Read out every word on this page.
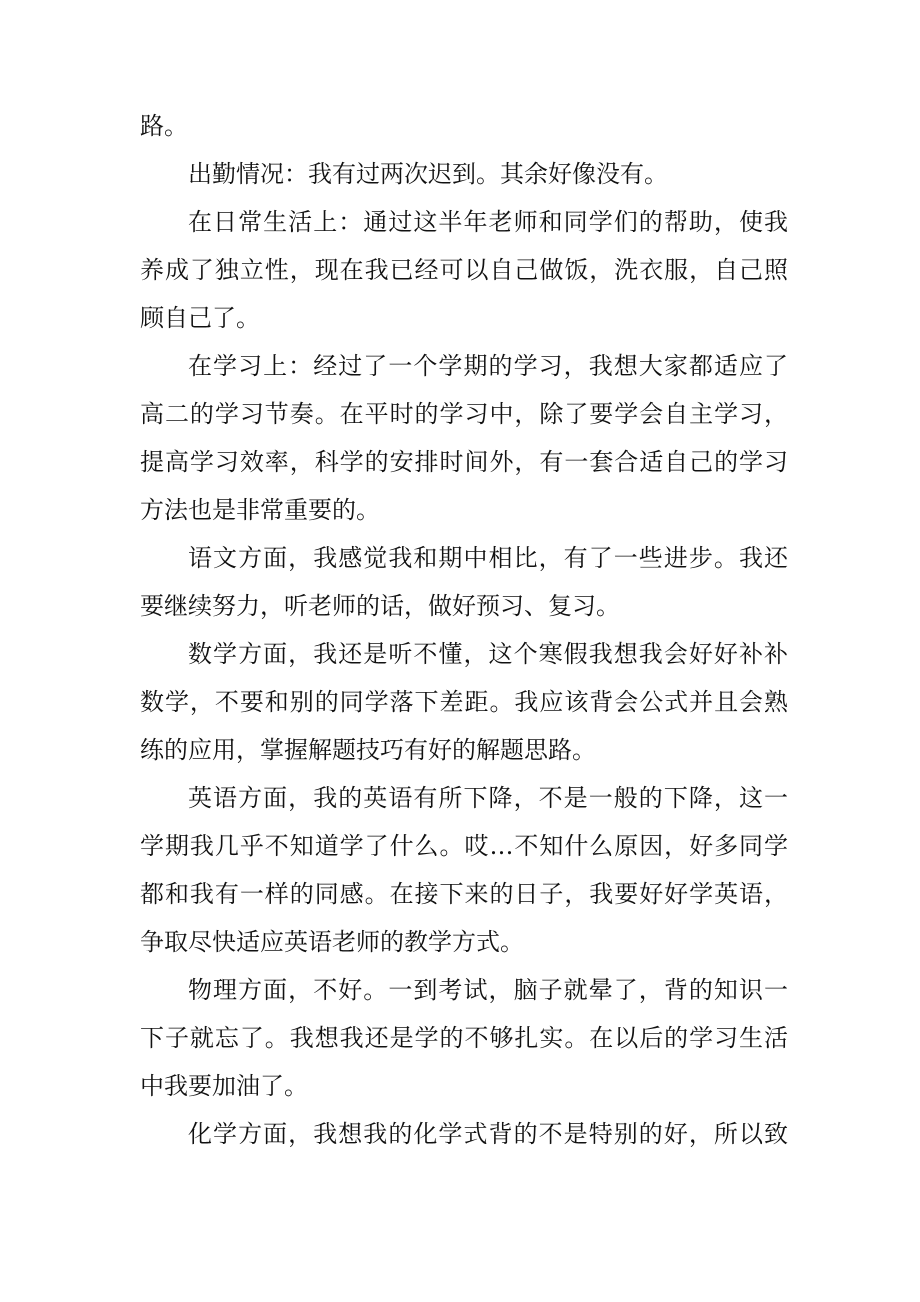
路。
出勤情况：我有过两次迟到。其余好像没有。
在日常生活上：通过这半年老师和同学们的帮助，使我
养成了独立性，现在我已经可以自己做饭，洗衣服，自己照
顾自己了。
在学习上：经过了一个学期的学习，我想大家都适应了
高二的学习节奏。在平时的学习中，除了要学会自主学习，
提高学习效率，科学的安排时间外，有一套合适自己的学习
方法也是非常重要的。
语文方面，我感觉我和期中相比，有了一些进步。我还
要继续努力，听老师的话，做好预习、复习。
数学方面，我还是听不懂，这个寒假我想我会好好补补
数学，不要和别的同学落下差距。我应该背会公式并且会熟
练的应用，掌握解题技巧有好的解题思路。
英语方面，我的英语有所下降，不是一般的下降，这一
学期我几乎不知道学了什么。哎…不知什么原因，好多同学
都和我有一样的同感。在接下来的日子，我要好好学英语，
争取尽快适应英语老师的教学方式。
物理方面，不好。一到考试，脑子就晕了，背的知识一
下子就忘了。我想我还是学的不够扎实。在以后的学习生活
中我要加油了。
化学方面，我想我的化学式背的不是特别的好，所以致
